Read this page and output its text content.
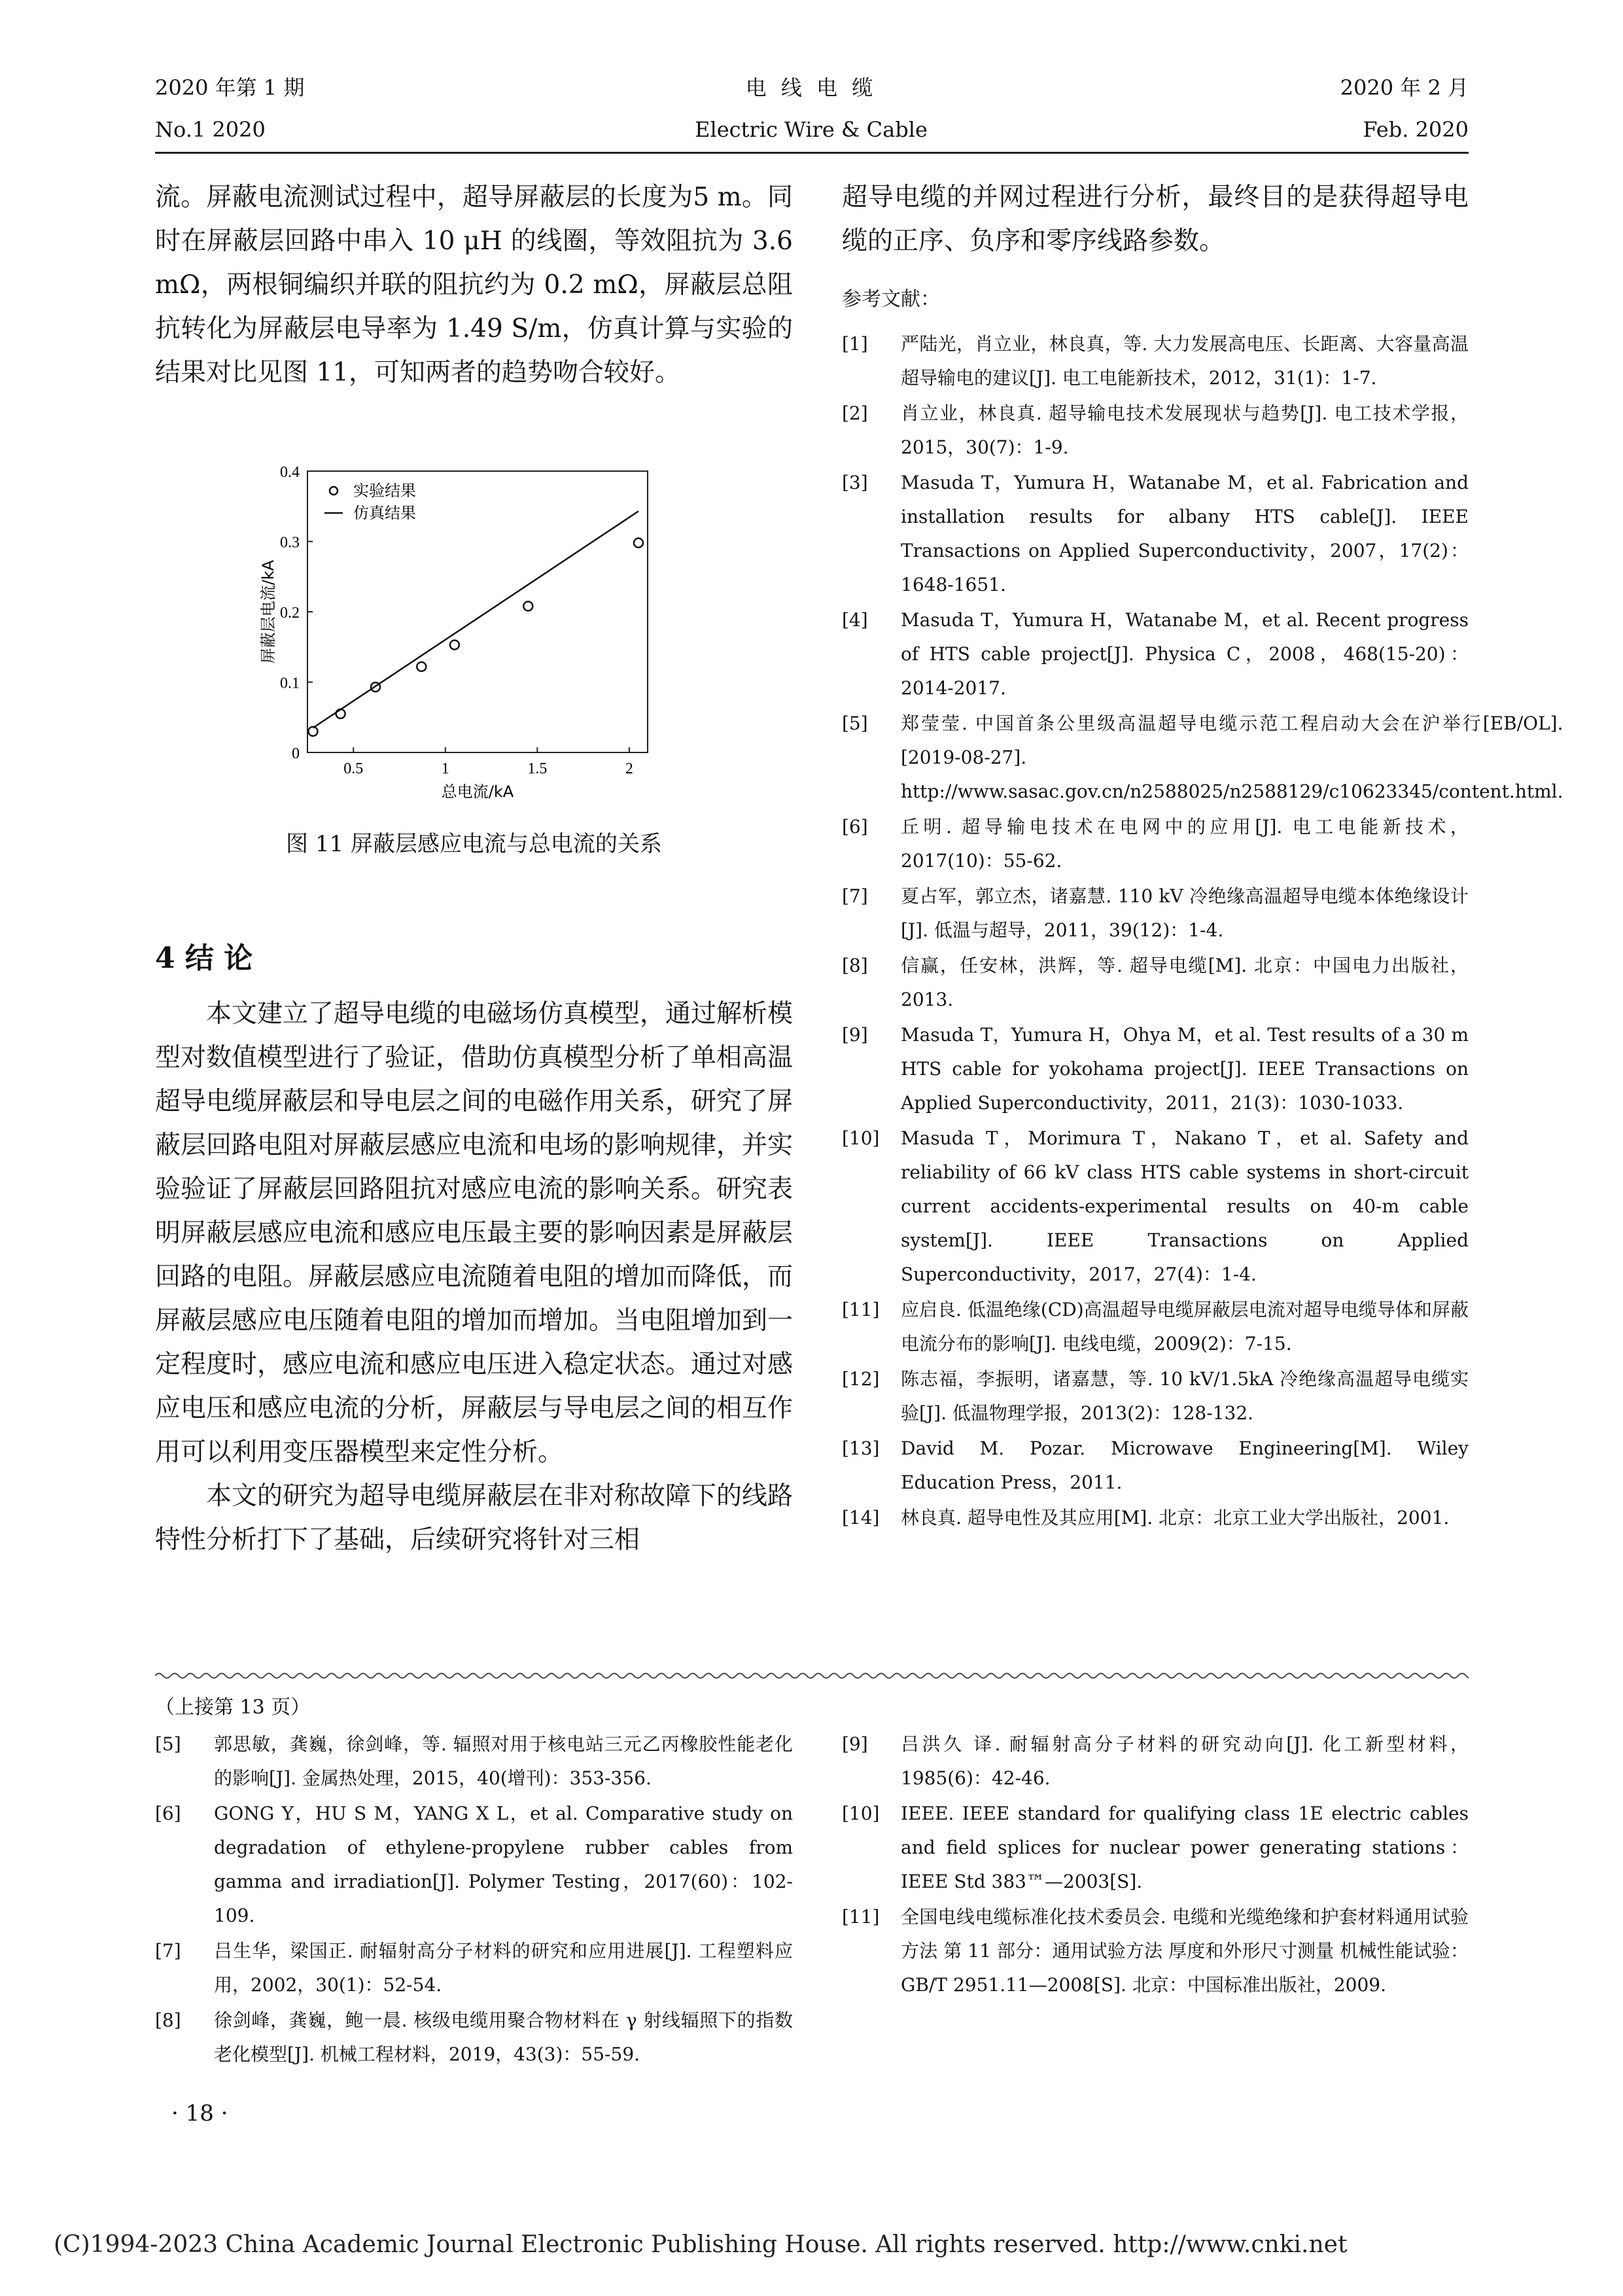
2020 年第 1 期	电 线 电 缆	2020 年 2 月
No.1 2020	Electric Wire & Cable	Feb. 2020

流。屏蔽电流测试过程中，超导屏蔽层的长度为5 m。同时在屏蔽层回路中串入 10 μH 的线圈，等效阻抗为 3.6 mΩ，两根铜编织并联的阻抗约为 0.2 mΩ，屏蔽层总阻抗转化为屏蔽层电导率为 1.49 S/m，仿真计算与实验的结果对比见图 11，可知两者的趋势吻合较好。

0
0.1
0.2
0.3
0.4
0.5	1	1.5	2
总电流/kA
屏蔽层电流/kA
实验结果
仿真结果
图 11 屏蔽层感应电流与总电流的关系
4 结 论

本文建立了超导电缆的电磁场仿真模型，通过解析模型对数值模型进行了验证，借助仿真模型分析了单相高温超导电缆屏蔽层和导电层之间的电磁作用关系，研究了屏蔽层回路电阻对屏蔽层感应电流和电场的影响规律，并实验验证了屏蔽层回路阻抗对感应电流的影响关系。研究表明屏蔽层感应电流和感应电压最主要的影响因素是屏蔽层回路的电阻。屏蔽层感应电流随着电阻的增加而降低，而屏蔽层感应电压随着电阻的增加而增加。当电阻增加到一定程度时，感应电流和感应电压进入稳定状态。通过对感应电压和感应电流的分析，屏蔽层与导电层之间的相互作用可以利用变压器模型来定性分析。

本文的研究为超导电缆屏蔽层在非对称故障下的线路特性分析打下了基础，后续研究将针对三相

超导电缆的并网过程进行分析，最终目的是获得超导电缆的正序、负序和零序线路参数。

参考文献：
[1]	严陆光，肖立业，林良真，等. 大力发展高电压、长距离、大容量高温超导输电的建议[J]. 电工电能新技术，2012，31(1)：1-7.
[2]	肖立业，林良真. 超导输电技术发展现状与趋势[J]. 电工技术学报，2015，30(7)：1-9.
[3]	Masuda T，Yumura H，Watanabe M，et al. Fabrication and installation results for albany HTS cable[J]. IEEE Transactions on Applied Superconductivity，2007，17(2)：1648-1651.
[4]	Masuda T，Yumura H，Watanabe M，et al. Recent progress of HTS cable project[J]. Physica C，2008，468(15-20)：2014-2017.
[5]	郑莹莹. 中国首条公里级高温超导电缆示范工程启动大会在沪举行[EB/OL].[2019-08-27]. http://www.sasac.gov.cn/n2588025/n2588129/c10623345/content.html.
[6]	丘明. 超导输电技术在电网中的应用[J]. 电工电能新技术，2017(10)：55-62.
[7]	夏占军，郭立杰，诸嘉慧. 110 kV 冷绝缘高温超导电缆本体绝缘设计[J]. 低温与超导，2011，39(12)：1-4.
[8]	信赢，任安林，洪辉，等. 超导电缆[M]. 北京：中国电力出版社，2013.
[9]	Masuda T，Yumura H，Ohya M，et al. Test results of a 30 m HTS cable for yokohama project[J]. IEEE Transactions on Applied Superconductivity，2011，21(3)：1030-1033.
[10]	Masuda T，Morimura T，Nakano T，et al. Safety and reliability of 66 kV class HTS cable systems in short-circuit current accidents-experimental results on 40-m cable system[J]. IEEE Transactions on Applied Superconductivity，2017，27(4)：1-4.
[11]	应启良. 低温绝缘(CD)高温超导电缆屏蔽层电流对超导电缆导体和屏蔽电流分布的影响[J]. 电线电缆，2009(2)：7-15.
[12]	陈志福，李振明，诸嘉慧，等. 10 kV/1.5kA 冷绝缘高温超导电缆实验[J]. 低温物理学报，2013(2)：128-132.
[13]	David M. Pozar. Microwave Engineering[M]. Wiley Education Press，2011.
[14]	林良真. 超导电性及其应用[M]. 北京：北京工业大学出版社，2001.
（上接第 13 页）
[5]	郭思敏，龚巍，徐剑峰，等. 辐照对用于核电站三元乙丙橡胶性能老化的影响[J]. 金属热处理，2015，40(增刊)：353-356.
[6]	GONG Y，HU S M，YANG X L，et al. Comparative study on degradation of ethylene-propylene rubber cables from gamma and irradiation[J]. Polymer Testing，2017(60)：102-109.
[7]	吕生华，梁国正. 耐辐射高分子材料的研究和应用进展[J]. 工程塑料应用，2002，30(1)：52-54.
[8]	徐剑峰，龚巍，鲍一晨. 核级电缆用聚合物材料在 γ 射线辐照下的指数老化模型[J]. 机械工程材料，2019，43(3)：55-59.
[9]	吕洪久 译. 耐辐射高分子材料的研究动向[J]. 化工新型材料，1985(6)：42-46.
[10]	IEEE. IEEE standard for qualifying class 1E electric cables and field splices for nuclear power generating stations：IEEE Std 383™—2003[S].
[11]	全国电线电缆标准化技术委员会. 电缆和光缆绝缘和护套材料通用试验方法 第 11 部分：通用试验方法 厚度和外形尺寸测量 机械性能试验：GB/T 2951.11—2008[S]. 北京：中国标准出版社，2009.
· 18 ·
(C)1994-2023 China Academic Journal Electronic Publishing House. All rights reserved. http://www.cnki.net
